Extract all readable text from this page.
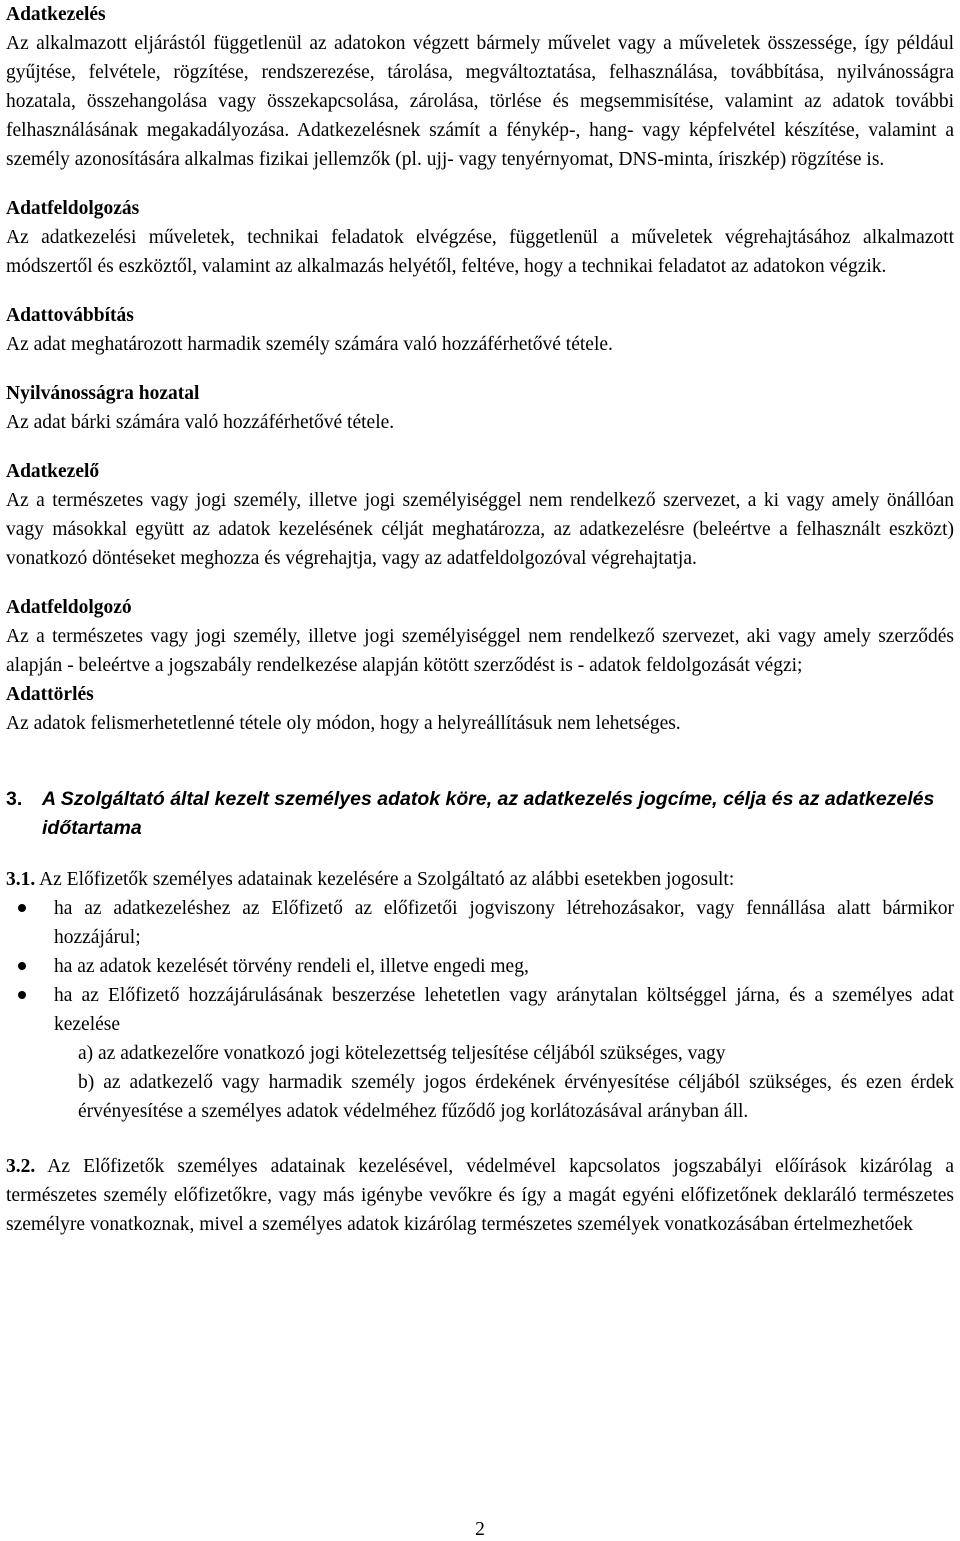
Adatkezelés

Az alkalmazott eljárástól függetlenül az adatokon végzett bármely művelet vagy a műveletek összessége, így például gyűjtése, felvétele, rögzítése, rendszerezése, tárolása, megváltoztatása, felhasználása, továbbítása, nyilvánosságra hozatala, összehangolása vagy összekapcsolása, zárolása, törlése és megsemmisítése, valamint az adatok további felhasználásának megakadályozása. Adatkezelésnek számít a fénykép-, hang- vagy képfelvétel készítése, valamint a személy azonosítására alkalmas fizikai jellemzők (pl. ujj- vagy tenyérnyomat, DNS-minta, íriszkép) rögzítése is.

Adatfeldolgozás

Az adatkezelési műveletek, technikai feladatok elvégzése, függetlenül a műveletek végrehajtásához alkalmazott módszertől és eszköztől, valamint az alkalmazás helyétől, feltéve, hogy a technikai feladatot az adatokon végzik.

Adattovábbítás

Az adat meghatározott harmadik személy számára való hozzáférhetővé tétele.

Nyilvánosságra hozatal

Az adat bárki számára való hozzáférhetővé tétele.

Adatkezelő

Az a természetes vagy jogi személy, illetve jogi személyiséggel nem rendelkező szervezet, a ki vagy amely önállóan vagy másokkal együtt az adatok kezelésének célját meghatározza, az adatkezelésre (beleértve a felhasznált eszközt) vonatkozó döntéseket meghozza és végrehajtja, vagy az adatfeldolgozóval végrehajtatja.

Adatfeldolgozó

Az a természetes vagy jogi személy, illetve jogi személyiséggel nem rendelkező szervezet, aki vagy amely szerződés alapján - beleértve a jogszabály rendelkezése alapján kötött szerződést is - adatok feldolgozását végzi;

Adattörlés

Az adatok felismerhetetlenné tétele oly módon, hogy a helyreállításuk nem lehetséges.

3. A Szolgáltató által kezelt személyes adatok köre, az adatkezelés jogcíme, célja és az adatkezelés időtartama

3.1. Az Előfizetők személyes adatainak kezelésére a Szolgáltató az alábbi esetekben jogosult:

ha az adatkezeléshez az Előfizető az előfizetői jogviszony létrehozásakor, vagy fennállása alatt bármikor hozzájárul;
ha az adatok kezelését törvény rendeli el, illetve engedi meg,
ha az Előfizető hozzájárulásának beszerzése lehetetlen vagy aránytalan költséggel járna, és a személyes adat kezelése
a) az adatkezelőre vonatkozó jogi kötelezettség teljesítése céljából szükséges, vagy
b) az adatkezelő vagy harmadik személy jogos érdekének érvényesítése céljából szükséges, és ezen érdek érvényesítése a személyes adatok védelméhez fűződő jog korlátozásával arányban áll.

3.2. Az Előfizetők személyes adatainak kezelésével, védelmével kapcsolatos jogszabályi előírások kizárólag a természetes személy előfizetőkre, vagy más igénybe vevőkre és így a magát egyéni előfizetőnek deklaráló természetes személyre vonatkoznak, mivel a személyes adatok kizárólag természetes személyek vonatkozásában értelmezhetőek

2
